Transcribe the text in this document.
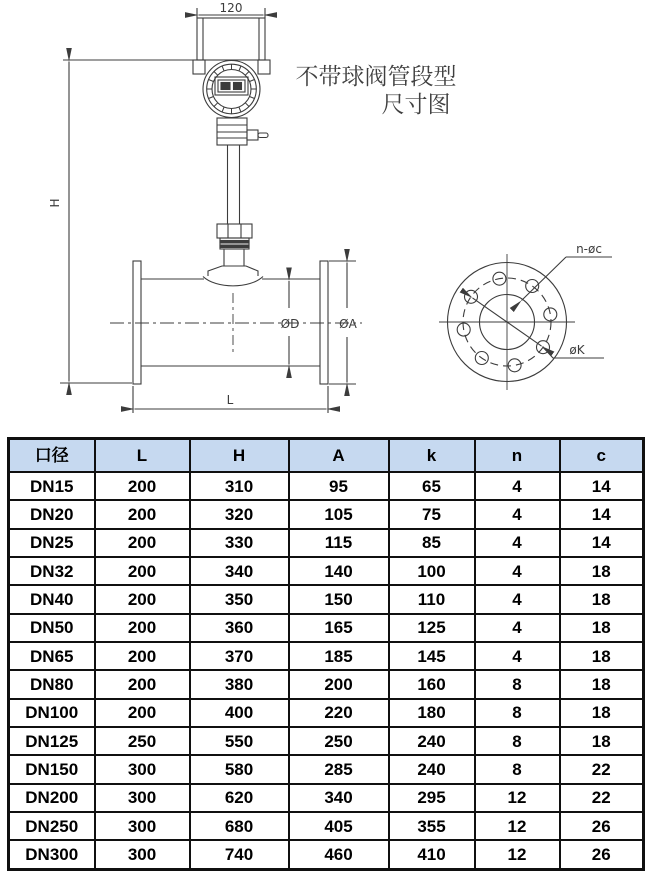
120
H
ØD	ØA
L
n-øc
øK
不带球阀管段型
尺寸图
口径	L	H	A	k	n	c
DN15	200	310	95	65	4	14
DN20	200	320	105	75	4	14
DN25	200	330	115	85	4	14
DN32	200	340	140	100	4	18
DN40	200	350	150	110	4	18
DN50	200	360	165	125	4	18
DN65	200	370	185	145	4	18
DN80	200	380	200	160	8	18
DN100	200	400	220	180	8	18
DN125	250	550	250	240	8	18
DN150	300	580	285	240	8	22
DN200	300	620	340	295	12	22
DN250	300	680	405	355	12	26
DN300	300	740	460	410	12	26
